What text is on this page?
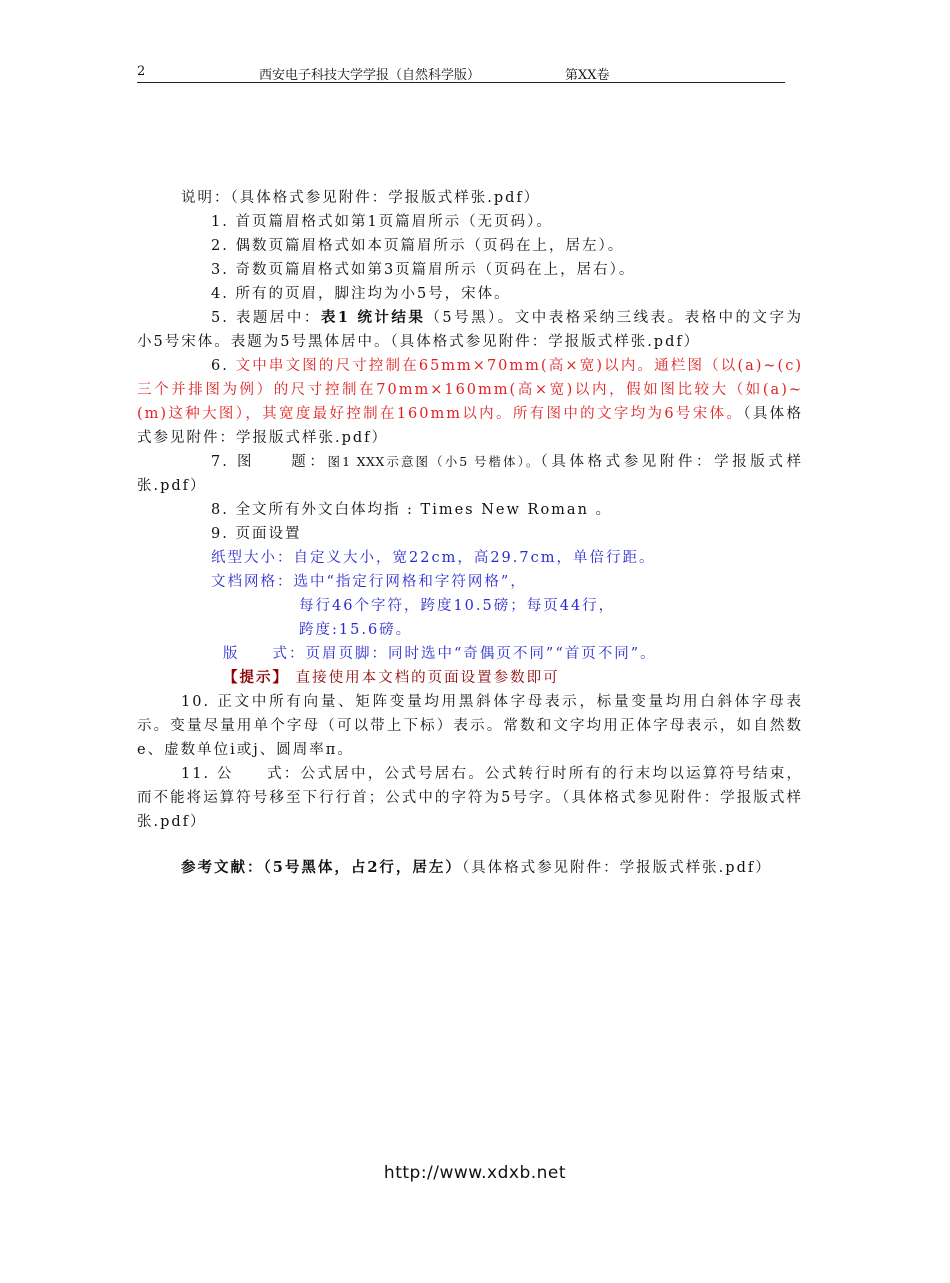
2	西安电子科技大学学报（自然科学版）	第XX卷

说明：（具体格式参见附件：学报版式样张.pdf）

1. 首页篇眉格式如第1页篇眉所示（无页码）。

2. 偶数页篇眉格式如本页篇眉所示（页码在上，居左）。

3. 奇数页篇眉格式如第3页篇眉所示（页码在上，居右）。

4. 所有的页眉，脚注均为小5号，宋体。

5. 表题居中：表1 统计结果（5号黑）。文中表格采纳三线表。表格中的文字为小5号宋体。表题为5号黑体居中。（具体格式参见附件：学报版式样张.pdf）

6. 文中串文图的尺寸控制在65mm×70mm(高×宽)以内。通栏图（以(a)~(c)三个并排图为例）的尺寸控制在70mm×160mm(高×宽)以内，假如图比较大（如(a)~(m)这种大图），其宽度最好控制在160mm以内。所有图中的文字均为6号宋体。（具体格式参见附件：学报版式样张.pdf）

7. 图　　题：图1 XXX示意图（小5 号楷体）。（具体格式参见附件：学报版式样张.pdf）

8. 全文所有外文白体均指 : Times New Roman 。

9. 页面设置

纸型大小：自定义大小，宽22cm，高29.7cm，单倍行距。

文档网格：选中“指定行网格和字符网格”，

每行46个字符，跨度10.5磅；每页44行，

跨度:15.6磅。

版　　式：页眉页脚：同时选中“奇偶页不同”“首页不同”。

【提示】 直接使用本文档的页面设置参数即可

10. 正文中所有向量、矩阵变量均用黑斜体字母表示，标量变量均用白斜体字母表示。变量尽量用单个字母（可以带上下标）表示。常数和文字均用正体字母表示，如自然数e、虚数单位i或j、圆周率π。

11. 公　　式：公式居中，公式号居右。公式转行时所有的行末均以运算符号结束，而不能将运算符号移至下行行首；公式中的字符为5号字。（具体格式参见附件：学报版式样张.pdf）

参考文献：（5号黑体，占2行，居左）（具体格式参见附件：学报版式样张.pdf）

http://www.xdxb.net
